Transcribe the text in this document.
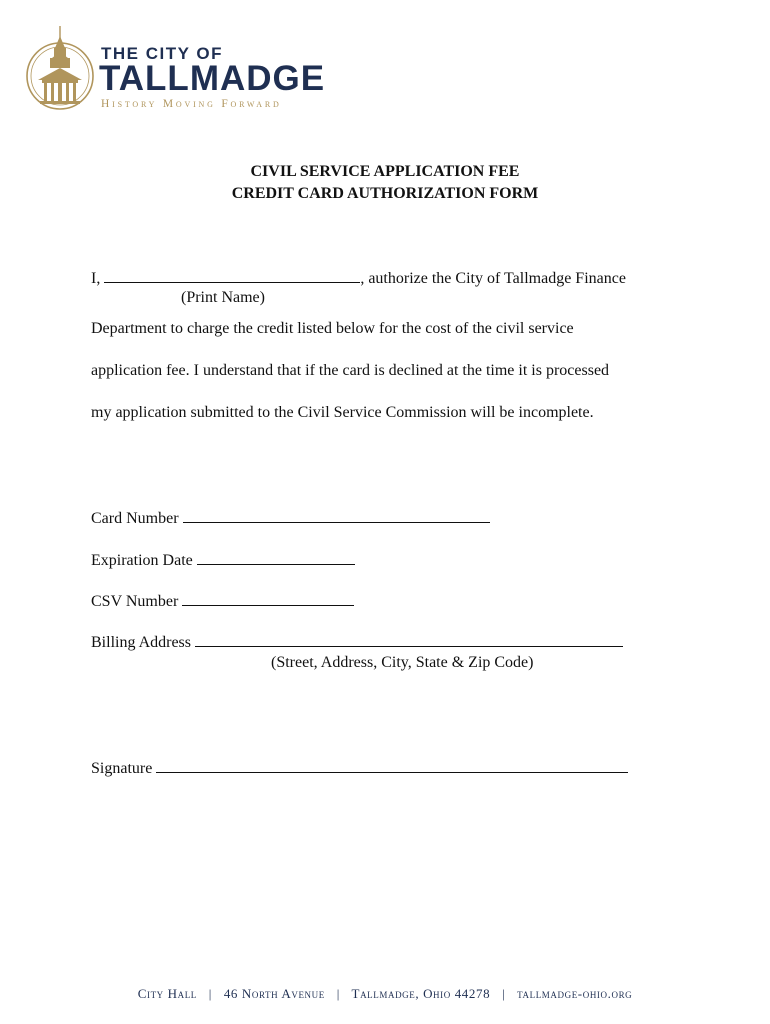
THE CITY OF
TALLMADGE
History Moving Forward
CIVIL SERVICE APPLICATION FEE
CREDIT CARD AUTHORIZATION FORM
I,	, authorize the City of Tallmadge Finance
(Print Name)
Department to charge the credit listed below for the cost of the civil service
application fee. I understand that if the card is declined at the time it is processed
my application submitted to the Civil Service Commission will be incomplete.
Card Number
Expiration Date
CSV Number
Billing Address
(Street, Address, City, State & Zip Code)
Signature
City Hall | 46 North Avenue | Tallmadge, Ohio 44278 | tallmadge-ohio.org
